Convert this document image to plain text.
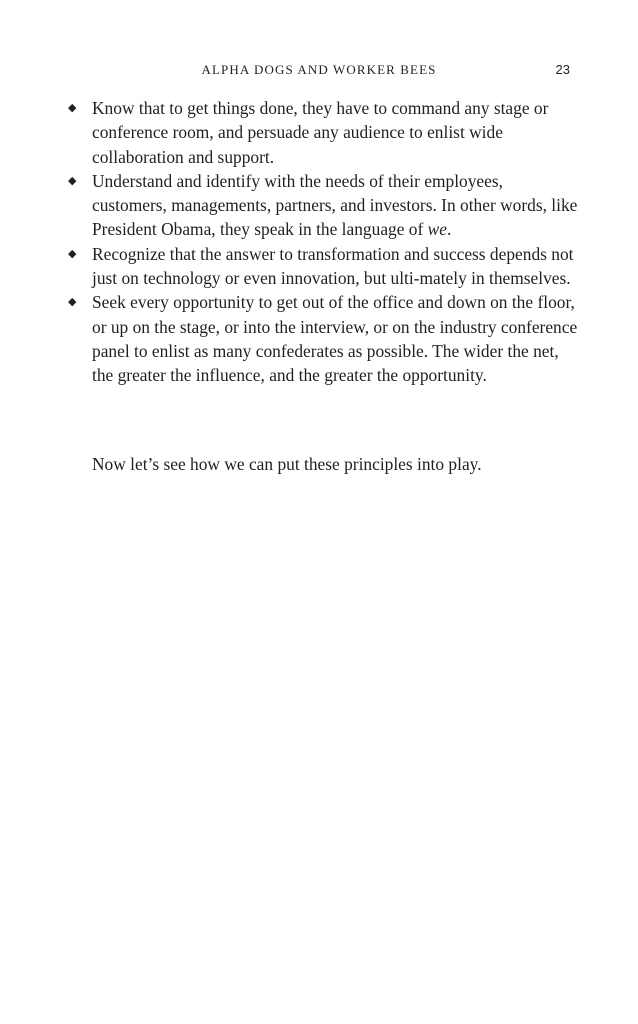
ALPHA DOGS AND WORKER BEES	23
◆ Know that to get things done, they have to command any stage or conference room, and persuade any audience to enlist wide collaboration and support.
◆ Understand and identify with the needs of their employees, customers, managements, partners, and investors. In other words, like President Obama, they speak in the language of we.
◆ Recognize that the answer to transformation and success depends not just on technology or even innovation, but ulti-mately in themselves.
◆ Seek every opportunity to get out of the office and down on the floor, or up on the stage, or into the interview, or on the industry conference panel to enlist as many confederates as possible. The wider the net, the greater the influence, and the greater the opportunity.

Now let’s see how we can put these principles into play.
